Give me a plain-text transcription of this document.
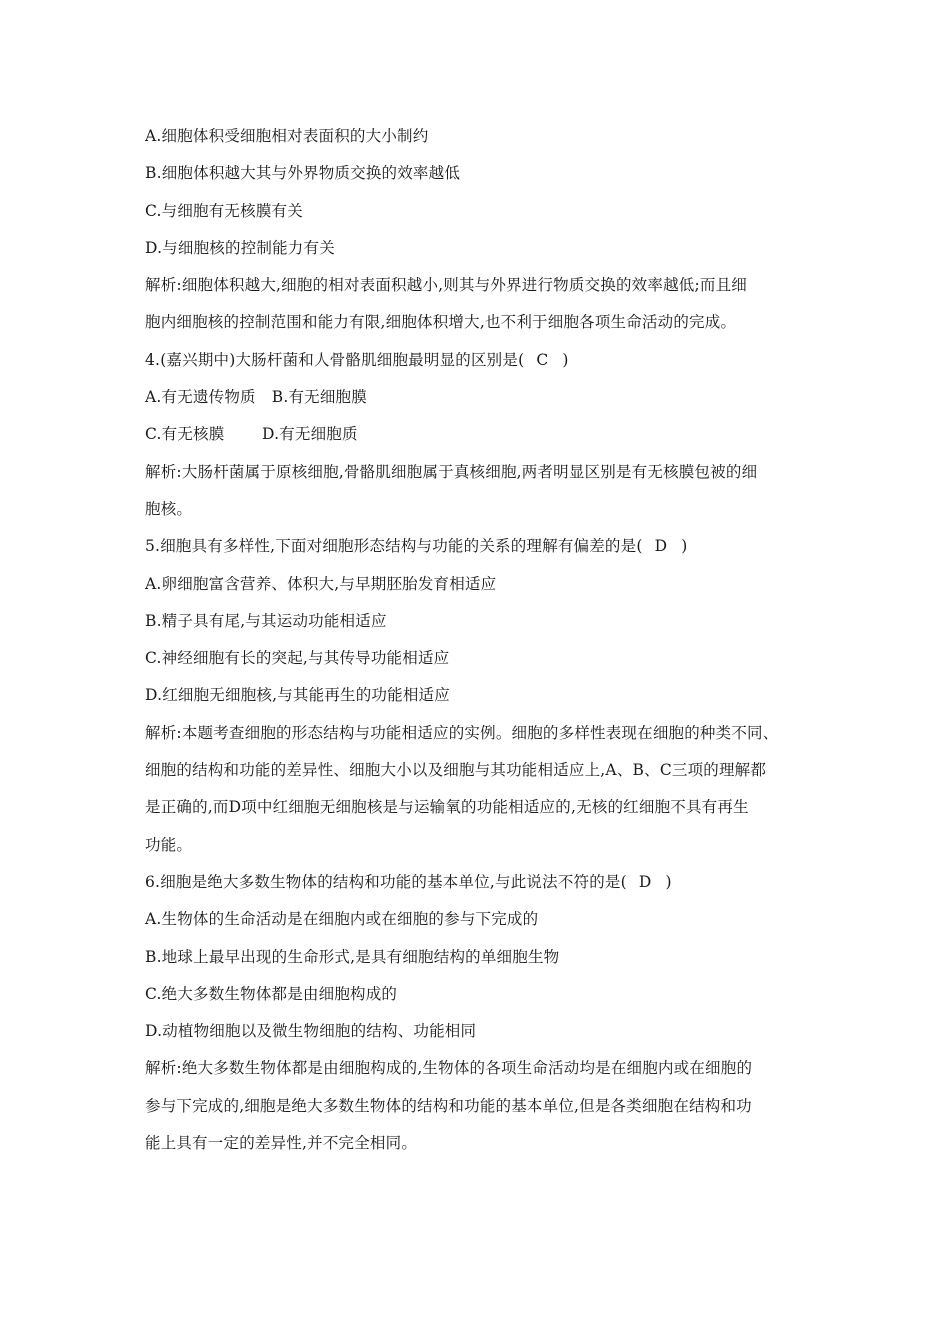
A.细胞体积受细胞相对表面积的大小制约
B.细胞体积越大其与外界物质交换的效率越低
C.与细胞有无核膜有关
D.与细胞核的控制能力有关
解析:细胞体积越大,细胞的相对表面积越小,则其与外界进行物质交换的效率越低;而且细
胞内细胞核的控制范围和能力有限,细胞体积增大,也不利于细胞各项生命活动的完成。
4.(嘉兴期中)大肠杆菌和人骨骼肌细胞最明显的区别是( C )
A.有无遗传物质 B.有无细胞膜
C.有无核膜 D.有无细胞质
解析:大肠杆菌属于原核细胞,骨骼肌细胞属于真核细胞,两者明显区别是有无核膜包被的细
胞核。
5.细胞具有多样性,下面对细胞形态结构与功能的关系的理解有偏差的是( D )
A.卵细胞富含营养、体积大,与早期胚胎发育相适应
B.精子具有尾,与其运动功能相适应
C.神经细胞有长的突起,与其传导功能相适应
D.红细胞无细胞核,与其能再生的功能相适应
解析:本题考查细胞的形态结构与功能相适应的实例。细胞的多样性表现在细胞的种类不同、
细胞的结构和功能的差异性、细胞大小以及细胞与其功能相适应上,A、B、C三项的理解都
是正确的,而D项中红细胞无细胞核是与运输氧的功能相适应的,无核的红细胞不具有再生
功能。
6.细胞是绝大多数生物体的结构和功能的基本单位,与此说法不符的是( D )
A.生物体的生命活动是在细胞内或在细胞的参与下完成的
B.地球上最早出现的生命形式,是具有细胞结构的单细胞生物
C.绝大多数生物体都是由细胞构成的
D.动植物细胞以及微生物细胞的结构、功能相同
解析:绝大多数生物体都是由细胞构成的,生物体的各项生命活动均是在细胞内或在细胞的
参与下完成的,细胞是绝大多数生物体的结构和功能的基本单位,但是各类细胞在结构和功
能上具有一定的差异性,并不完全相同。
